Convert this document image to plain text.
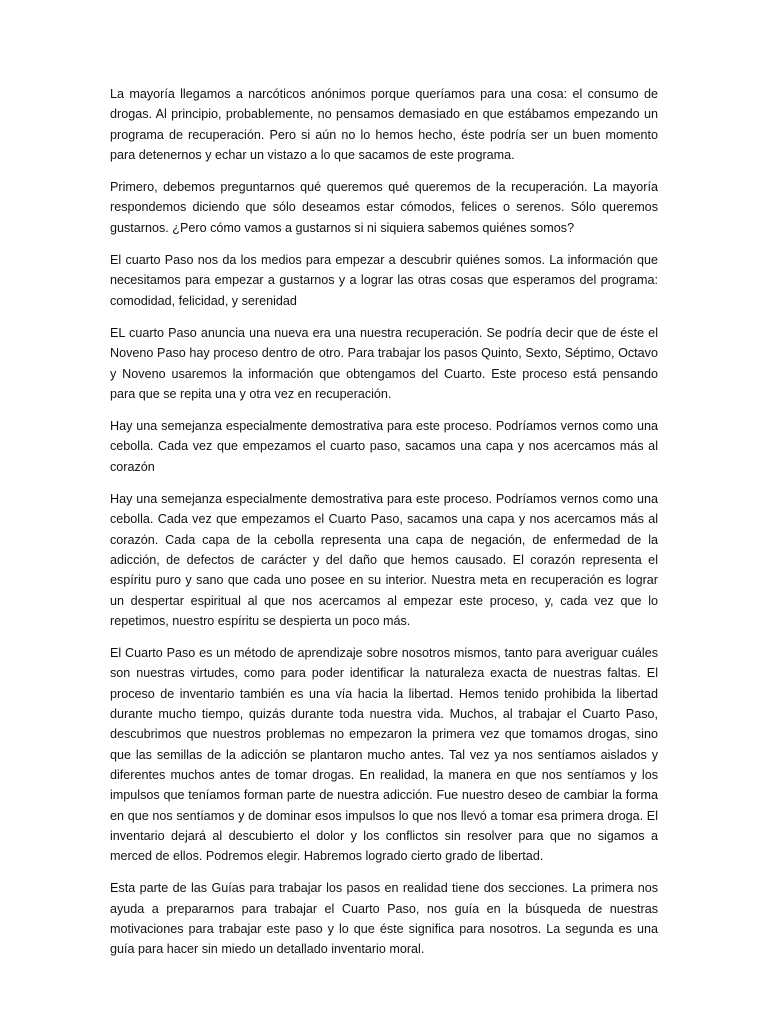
La mayoría llegamos a narcóticos anónimos porque queríamos para una cosa: el consumo de drogas. Al principio, probablemente, no pensamos demasiado en que estábamos empezando un programa de recuperación. Pero si aún no lo hemos hecho, éste podría ser un buen momento para detenernos y echar un vistazo a lo que sacamos de este programa.

Primero, debemos preguntarnos qué queremos qué queremos de la recuperación. La mayoría respondemos diciendo que sólo deseamos estar cómodos, felices o serenos. Sólo queremos gustarnos. ¿Pero cómo vamos a gustarnos si ni siquiera sabemos quiénes somos?

El cuarto Paso nos da los medios para empezar a descubrir quiénes somos. La información que necesitamos para empezar a gustarnos y a lograr las otras cosas que esperamos del programa: comodidad, felicidad, y serenidad

EL cuarto Paso anuncia una nueva era una nuestra recuperación. Se podría decir que de éste el Noveno Paso hay proceso dentro de otro. Para trabajar los pasos Quinto, Sexto, Séptimo, Octavo y Noveno usaremos la información que obtengamos del Cuarto. Este proceso está pensando para que se repita una y otra vez en recuperación.

Hay una semejanza especialmente demostrativa para este proceso. Podríamos vernos como una cebolla. Cada vez que empezamos el cuarto paso, sacamos una capa y nos acercamos más al corazón

Hay una semejanza especialmente demostrativa para este proceso. Podríamos vernos como una cebolla. Cada vez que empezamos el Cuarto Paso, sacamos una capa y nos acercamos más al corazón. Cada capa de la cebolla representa una capa de negación, de enfermedad de la adicción, de defectos de carácter y del daño que hemos causado. El corazón representa el espíritu puro y sano que cada uno posee en su interior. Nuestra meta en recuperación es lograr un despertar espiritual al que nos acercamos al empezar este proceso, y, cada vez que lo repetimos, nuestro espíritu se despierta un poco más.

El Cuarto Paso es un método de aprendizaje sobre nosotros mismos, tanto para averiguar cuáles son nuestras virtudes, como para poder identificar la naturaleza exacta de nuestras faltas. El proceso de inventario también es una vía hacia la libertad. Hemos tenido prohibida la libertad durante mucho tiempo, quizás durante toda nuestra vida. Muchos, al trabajar el Cuarto Paso, descubrimos que nuestros problemas no empezaron la primera vez que tomamos drogas, sino que las semillas de la adicción se plantaron mucho antes. Tal vez ya nos sentíamos aislados y diferentes muchos antes de tomar drogas. En realidad, la manera en que nos sentíamos y los impulsos que teníamos forman parte de nuestra adicción. Fue nuestro deseo de cambiar la forma en que nos sentíamos y de dominar esos impulsos lo que nos llevó a tomar esa primera droga. El inventario dejará al descubierto el dolor y los conflictos sin resolver para que no sigamos a merced de ellos. Podremos elegir. Habremos logrado cierto grado de libertad.

Esta parte de las Guías para trabajar los pasos en realidad tiene dos secciones. La primera nos ayuda a prepararnos para trabajar el Cuarto Paso, nos guía en la búsqueda de nuestras motivaciones para trabajar este paso y lo que éste significa para nosotros. La segunda es una guía para hacer sin miedo un detallado inventario moral.
